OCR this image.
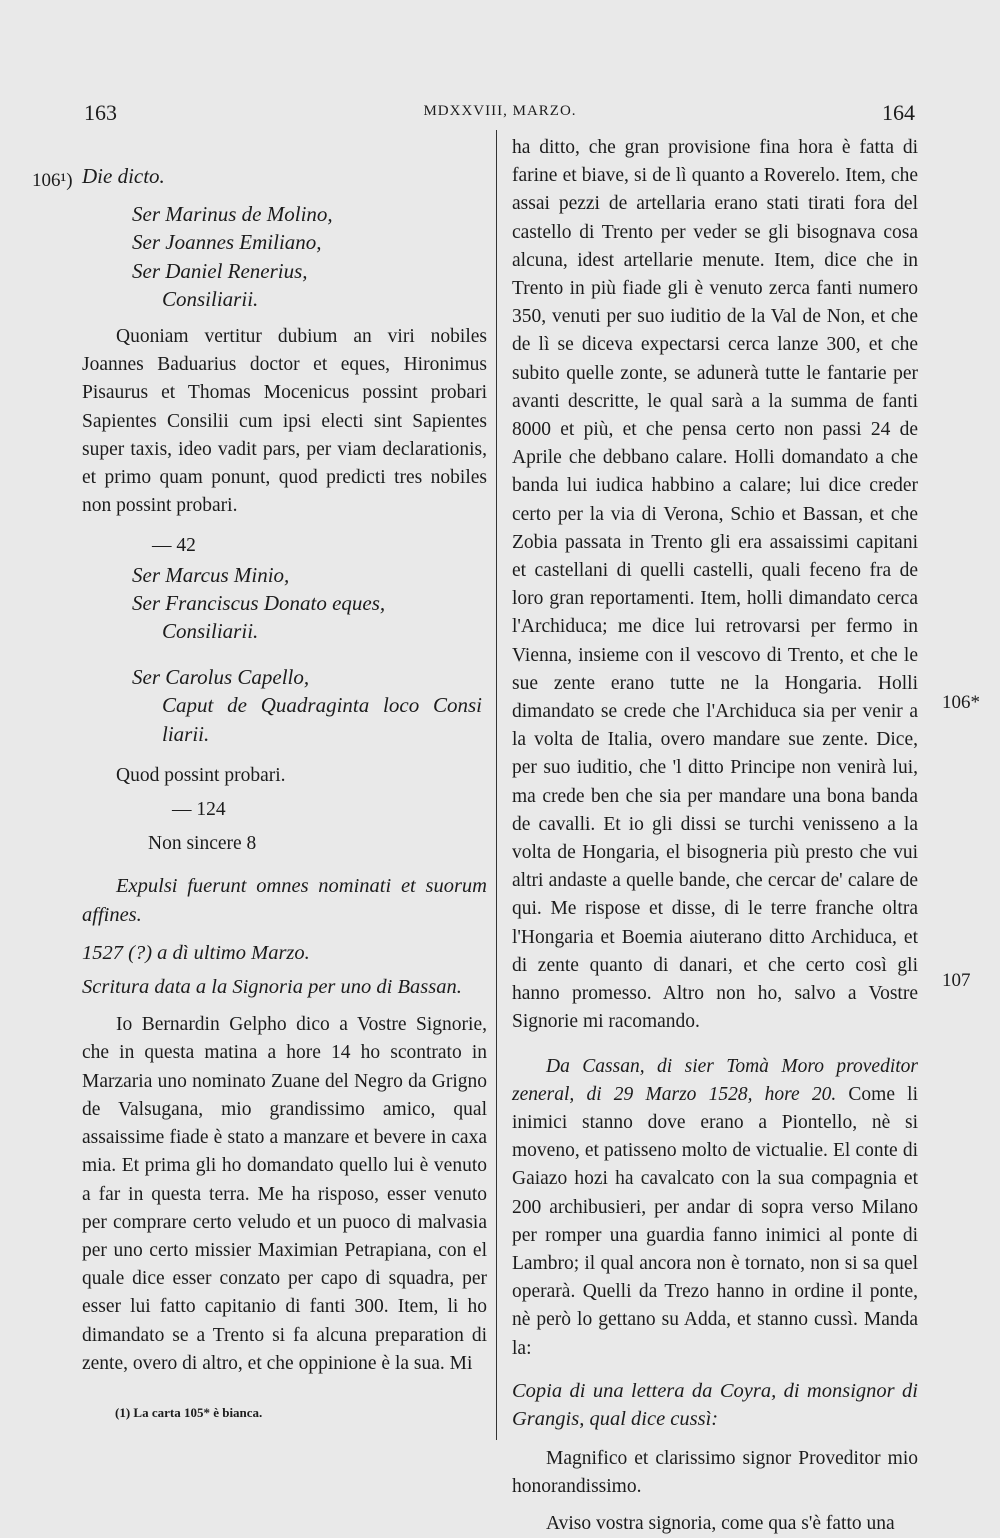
163	MDXXVIII, MARZO.	164
106¹)
106*
107

Die dicto.

Ser Marinus de Molino,

Ser Joannes Emiliano,

Ser Daniel Renerius,

Consiliarii.

Quoniam vertitur dubium an viri nobiles Joannes Baduarius doctor et eques, Hironimus Pisaurus et Thomas Mocenicus possint probari Sapientes Consilii cum ipsi electi sint Sapientes super taxis, ideo vadit pars, per viam declarationis, et primo quam ponunt, quod predicti tres nobiles non possint probari.

— 42

Ser Marcus Minio,

Ser Franciscus Donato eques,

Consiliarii.

Ser Carolus Capello,

Caput de Quadraginta loco Consi liarii.

Quod possint probari.

— 124

Non sincere 8

Expulsi fuerunt omnes nominati et suorum affines.

1527 (?) a dì ultimo Marzo.

Scritura data a la Signoria per uno di Bassan.

Io Bernardin Gelpho dico a Vostre Signorie, che in questa matina a hore 14 ho scontrato in Marzaria uno nominato Zuane del Negro da Grigno de Valsugana, mio grandissimo amico, qual assaissime fiade è stato a manzare et bevere in caxa mia. Et prima gli ho domandato quello lui è venuto a far in questa terra. Me ha risposo, esser venuto per comprare certo veludo et un puoco di malvasia per uno certo missier Maximian Petrapiana, con el quale dice esser conzato per capo di squadra, per esser lui fatto capitanio di fanti 300. Item, li ho dimandato se a Trento si fa alcuna preparation di zente, overo di altro, et che oppinione è la sua. Mi

(1) La carta 105* è bianca.

ha ditto, che gran provisione fina hora è fatta di farine et biave, si de lì quanto a Roverelo. Item, che assai pezzi de artellaria erano stati tirati fora del castello di Trento per veder se gli bisognava cosa alcuna, idest artellarie menute. Item, dice che in Trento in più fiade gli è venuto zerca fanti numero 350, venuti per suo iuditio de la Val de Non, et che de lì se diceva expectarsi cerca lanze 300, et che subito quelle zonte, se adunerà tutte le fantarie per avanti descritte, le qual sarà a la summa de fanti 8000 et più, et che pensa certo non passi 24 de Aprile che debbano calare. Holli domandato a che banda lui iudica habbino a calare; lui dice creder certo per la via di Verona, Schio et Bassan, et che Zobia passata in Trento gli era assaissimi capitani et castellani di quelli castelli, quali feceno fra de loro gran reportamenti. Item, holli dimandato cerca l'Archiduca; me dice lui retrovarsi per fermo in Vienna, insieme con il vescovo di Trento, et che le sue zente erano tutte ne la Hongaria. Holli dimandato se crede che l'Archiduca sia per venir a la volta de Italia, overo mandare sue zente. Dice, per suo iuditio, che 'l ditto Principe non venirà lui, ma crede ben che sia per mandare una bona banda de cavalli. Et io gli dissi se turchi venisseno a la volta de Hongaria, el bisogneria più presto che vui altri andaste a quelle bande, che cercar de' calare de qui. Me rispose et disse, di le terre franche oltra l'Hongaria et Boemia aiuterano ditto Archiduca, et di zente quanto di danari, et che certo così gli hanno promesso. Altro non ho, salvo a Vostre Signorie mi racomando.

Da Cassan, di sier Tomà Moro proveditor zeneral, di 29 Marzo 1528, hore 20. Come li inimici stanno dove erano a Piontello, nè si moveno, et patisseno molto de victualie. El conte di Gaiazo hozi ha cavalcato con la sua compagnia et 200 archibusieri, per andar di sopra verso Milano per romper una guardia fanno inimici al ponte di Lambro; il qual ancora non è tornato, non si sa quel operarà. Quelli da Trezo hanno in ordine il ponte, nè però lo gettano su Adda, et stanno cussì. Manda la:

Copia di una lettera da Coyra, di monsignor di Grangis, qual dice cussì:

Magnifico et clarissimo signor Proveditor mio honorandissimo.

Aviso vostra signoria, come qua s'è fatto una
